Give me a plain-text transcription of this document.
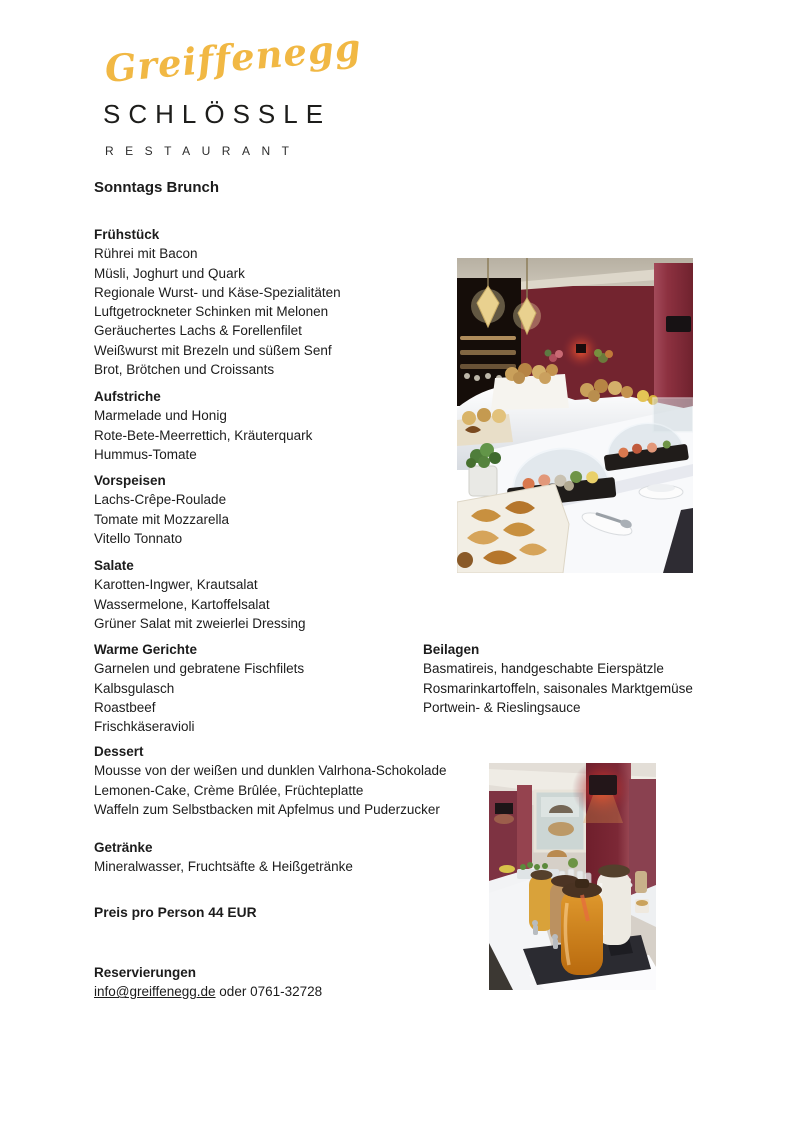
Greiffenegg
SCHLÖSSLE
RESTAURANT
Sonntags Brunch
Frühstück
Rührei mit Bacon
Müsli, Joghurt und Quark
Regionale Wurst- und Käse-Spezialitäten
Luftgetrockneter Schinken mit Melonen
Geräuchertes Lachs & Forellenfilet
Weißwurst mit Brezeln und süßem Senf
Brot, Brötchen und Croissants
Aufstriche
Marmelade und Honig
Rote-Bete-Meerrettich, Kräuterquark
Hummus-Tomate
Vorspeisen
Lachs-Crêpe-Roulade
Tomate mit Mozzarella
Vitello Tonnato
Salate
Karotten-Ingwer, Krautsalat
Wassermelone, Kartoffelsalat
Grüner Salat mit zweierlei Dressing
Warme Gerichte
Garnelen und gebratene Fischfilets
Kalbsgulasch
Roastbeef
Frischkäseravioli
Beilagen
Basmatireis, handgeschabte Eierspätzle
Rosmarinkartoffeln, saisonales Marktgemüse
Portwein- & Rieslingsauce
Dessert
Mousse von der weißen und dunklen Valrhona-Schokolade
Lemonen-Cake, Crème Brûlée, Früchteplatte
Waffeln zum Selbstbacken mit Apfelmus und Puderzucker
Getränke
Mineralwasser, Fruchtsäfte & Heißgetränke
Preis pro Person 44 EUR
Reservierungen
info@greiffenegg.de oder 0761-32728
